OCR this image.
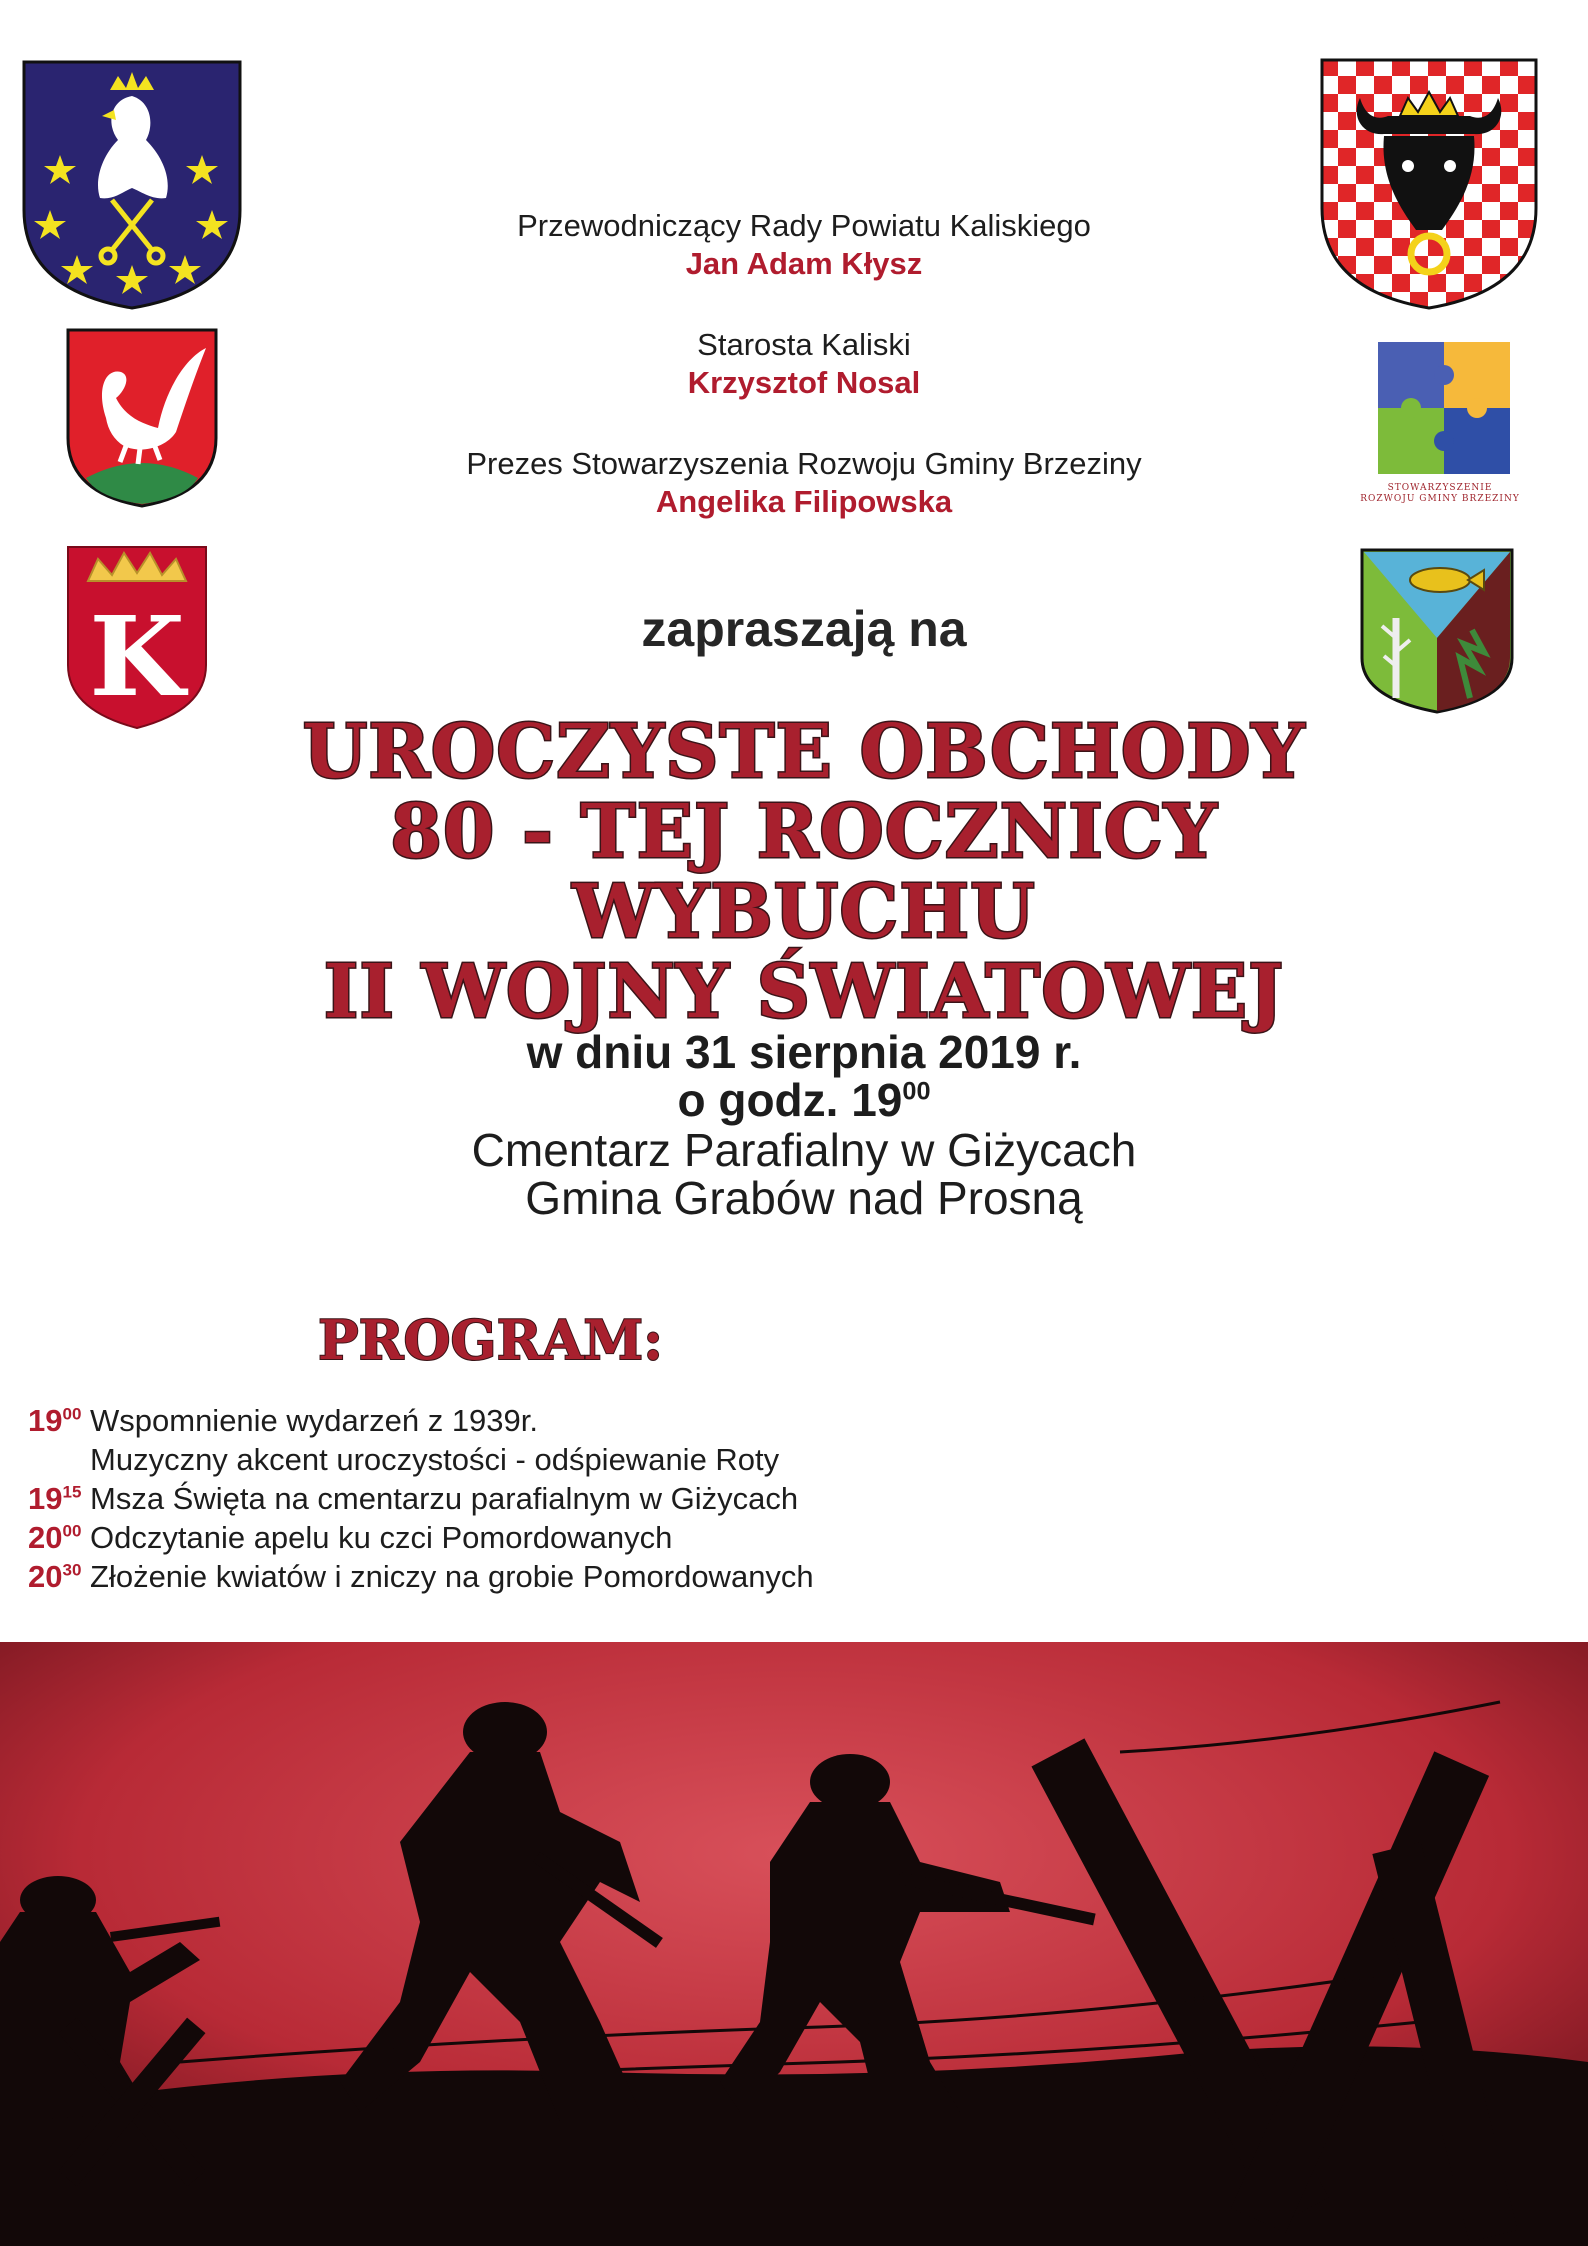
K
STOWARZYSZENIE
ROZWOJU GMINY BRZEZINY
Przewodniczący Rady Powiatu Kaliskiego
Jan Adam Kłysz
Starosta Kaliski
Krzysztof Nosal
Prezes Stowarzyszenia Rozwoju Gminy Brzeziny
Angelika Filipowska
zapraszają na
UROCZYSTE OBCHODY
80 - TEJ ROCZNICY WYBUCHU
II WOJNY ŚWIATOWEJ
w dniu 31 sierpnia 2019 r.
o godz. $19^{00}$
Cmentarz Parafialny w Giżycach
Gmina Grabów nad Prosną
PROGRAM:
$19^{00}$ Wspomnienie wydarzeń z 1939r.
Muzyczny akcent uroczystości - odśpiewanie Roty
$19^{15}$ Msza Święta na cmentarzu parafialnym w Giżycach
$20^{00}$ Odczytanie apelu ku czci Pomordowanych
$20^{30}$ Złożenie kwiatów i zniczy na grobie Pomordowanych
